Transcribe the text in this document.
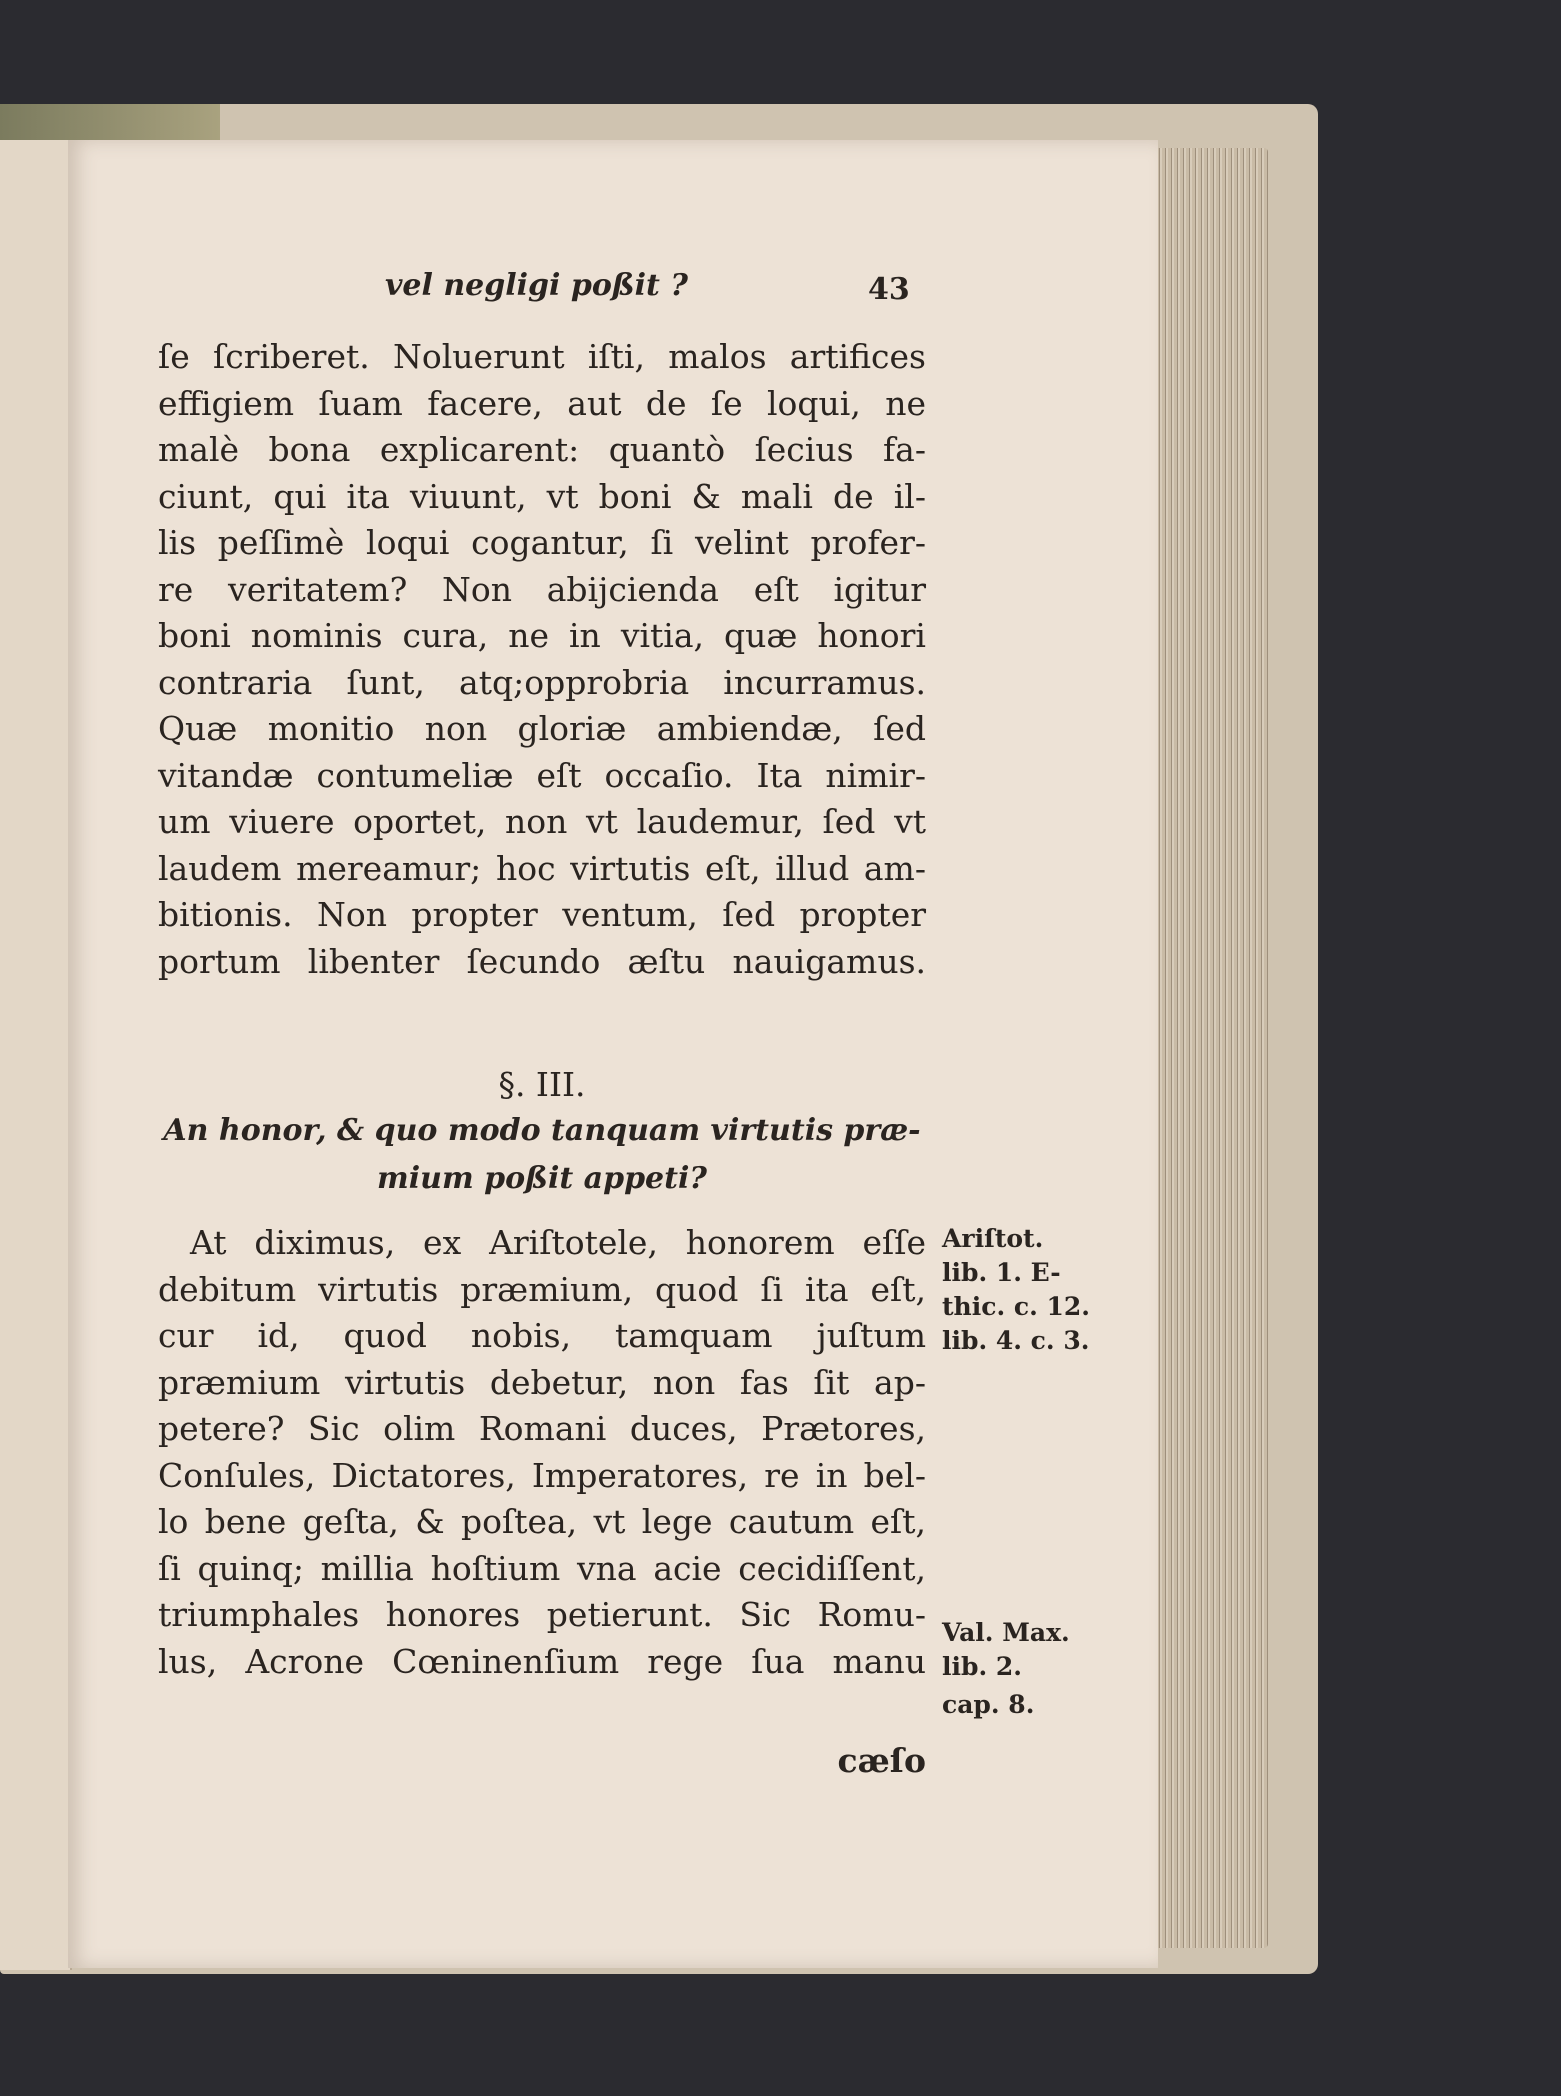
vel negligi poßit ?	43
ſe ſcriberet. Noluerunt iſti, malos artifices
effigiem ſuam facere, aut de ſe loqui, ne
malè bona explicarent: quantò ſecius fa-
ciunt, qui ita viuunt, vt boni & mali de il-
lis peſſimè loqui cogantur, ſi velint profer-
re veritatem? Non abijcienda eſt igitur
boni nominis cura, ne in vitia, quæ honori
contraria ſunt, atq;opprobria incurramus.
Quæ monitio non gloriæ ambiendæ, ſed
vitandæ contumeliæ eſt occaſio. Ita nimir-
um viuere oportet, non vt laudemur, ſed vt
laudem mereamur; hoc virtutis eſt, illud am-
bitionis. Non propter ventum, ſed propter
portum libenter ſecundo æſtu nauigamus.
§. III.
An honor, & quo modo tanquam virtutis præ-
mium poßit appeti?
At diximus, ex Ariſtotele, honorem eſſe
debitum virtutis præmium, quod ſi ita eſt,
cur id, quod nobis, tamquam juſtum
præmium virtutis debetur, non fas ſit ap-
petere? Sic olim Romani duces, Prætores,
Conſules, Dictatores, Imperatores, re in bel-
lo bene geſta, & poſtea, vt lege cautum eſt,
ſi quinq; millia hoſtium vna acie cecidiſſent,
triumphales honores petierunt. Sic Romu-
lus, Acrone Cœninenſium rege ſua manu
cæſo
Ariſtot.
lib. 1. E-
thic. c. 12.
lib. 4. c. 3.
Val. Max.
lib. 2.
cap. 8.
